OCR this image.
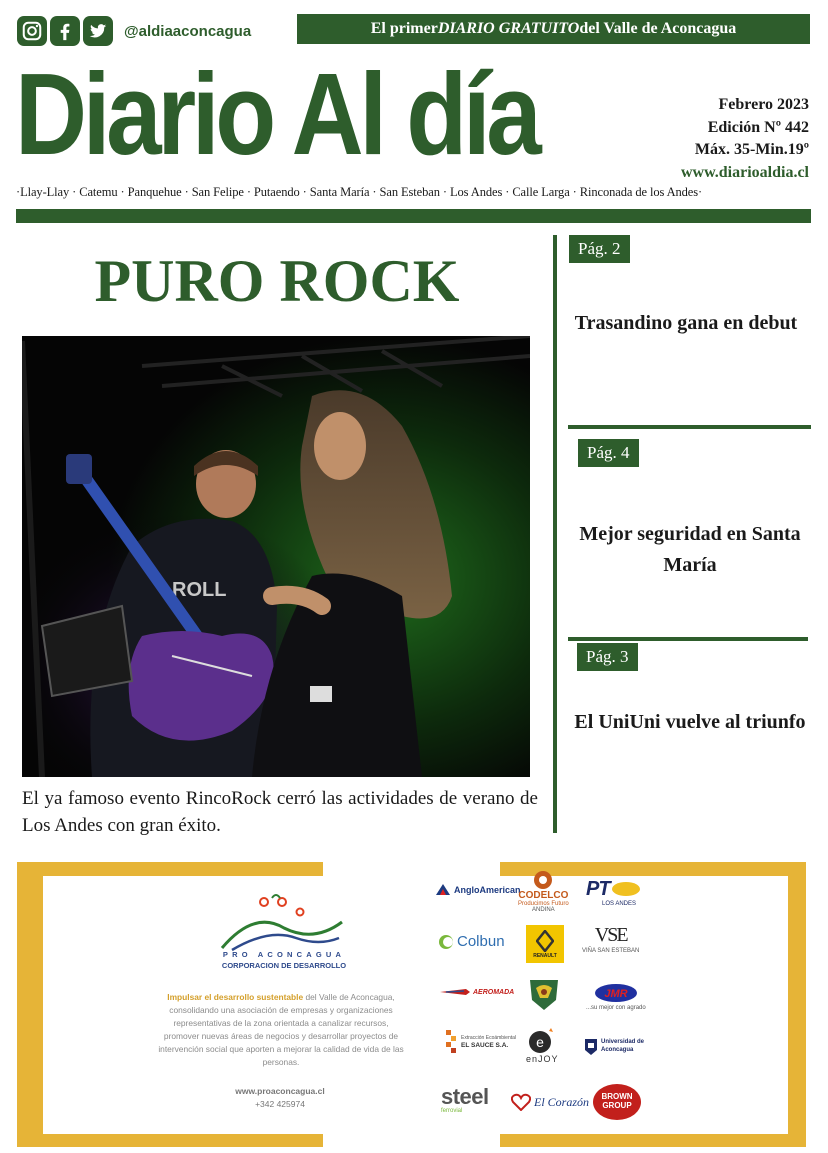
@aldiaaconcagua	El primer DIARIO GRATUITO del Valle de Aconcagua
Diario Al día	Febrero 2023
Edición Nº 442
Máx. 35-Min.19º
www.diarioaldia.cl
·Llay-Llay · Catemu · Panquehue · San Felipe · Putaendo · Santa María · San Esteban · Los Andes · Calle Larga · Rinconada de los Andes·
PURO ROCK
ROLL
El ya famoso evento RincoRock cerró las actividades de verano de Los Andes con gran éxito.
Pág. 2
Trasandino gana en debut
Pág. 4
Mejor seguridad en Santa María
Pág. 3
El UniUni vuelve al triunfo
PRO ACONCAGUA
CORPORACION DE DESARROLLO
Impulsar el desarrollo sustentable del Valle de Aconcagua, consolidando una asociación de empresas y organizaciones representativas de la zona orientada a canalizar recursos, promover nuevas áreas de negocios y desarrollar proyectos de intervención social que aporten a mejorar la calidad de vida de las personas.
www.proaconcagua.cl
+342 425974
AngloAmerican
CODELCO
Producimos Futuro
ANDINA
PT
LOS ANDES
Colbun
RENAULT
VSE
VIÑA SAN ESTEBAN
AEROMADA	JMR
...su mejor con agrado
Extracción Ecoámbiental
EL SAUCE S.A.	e
enJOY
Universidad de Aconcagua
steel
ferrovial
El Corazón	BROWN GROUP
